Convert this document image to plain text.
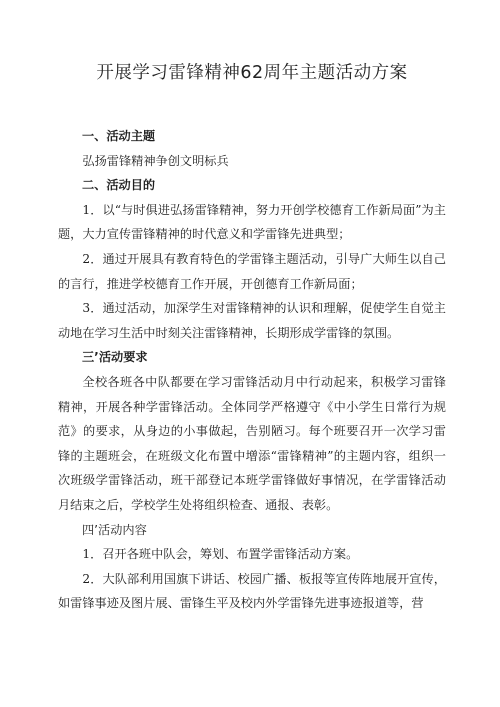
开展学习雷锋精神62周年主题活动方案
一、活动主题

弘扬雷锋精神争创文明标兵

二、活动目的

1．以“与时俱进弘扬雷锋精神，努力开创学校德育工作新局面”为主题，大力宣传雷锋精神的时代意义和学雷锋先进典型；

2．通过开展具有教育特色的学雷锋主题活动，引导广大师生以自己的言行，推进学校德育工作开展，开创德育工作新局面；

3．通过活动，加深学生对雷锋精神的认识和理解，促使学生自觉主动地在学习生活中时刻关注雷锋精神，长期形成学雷锋的氛围。

三’活动要求

全校各班各中队都要在学习雷锋活动月中行动起来，积极学习雷锋精神，开展各种学雷锋活动。全体同学严格遵守《中小学生日常行为规范》的要求，从身边的小事做起，告别陋习。每个班要召开一次学习雷锋的主题班会，在班级文化布置中增添“雷锋精神”的主题内容，组织一次班级学雷锋活动，班干部登记本班学雷锋做好事情况，在学雷锋活动月结束之后，学校学生处将组织检查、通报、表彰。

四’活动内容

1．召开各班中队会，筹划、布置学雷锋活动方案。

2．大队部利用国旗下讲话、校园广播、板报等宣传阵地展开宣传，如雷锋事迹及图片展、雷锋生平及校内外学雷锋先进事迹报道等，营
